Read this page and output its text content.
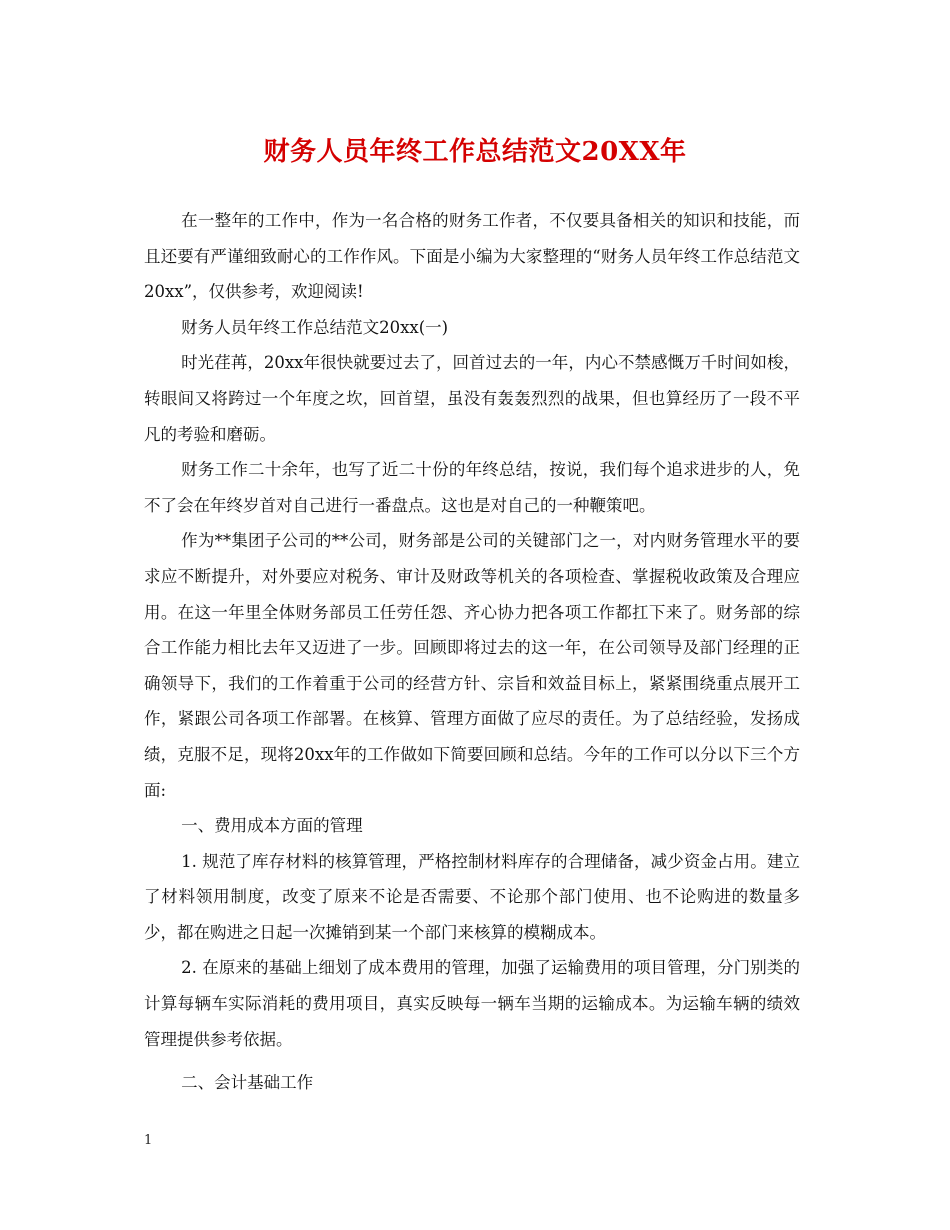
财务人员年终工作总结范文20XX年

在一整年的工作中，作为一名合格的财务工作者，不仅要具备相关的知识和技能，而且还要有严谨细致耐心的工作作风。下面是小编为大家整理的“财务人员年终工作总结范文20xx”，仅供参考，欢迎阅读!

财务人员年终工作总结范文20xx(一)

时光荏苒，20xx年很快就要过去了，回首过去的一年，内心不禁感慨万千时间如梭，转眼间又将跨过一个年度之坎，回首望，虽没有轰轰烈烈的战果，但也算经历了一段不平凡的考验和磨砺。

财务工作二十余年，也写了近二十份的年终总结，按说，我们每个追求进步的人，免不了会在年终岁首对自己进行一番盘点。这也是对自己的一种鞭策吧。

作为**集团子公司的**公司，财务部是公司的关键部门之一，对内财务管理水平的要求应不断提升，对外要应对税务、审计及财政等机关的各项检查、掌握税收政策及合理应用。在这一年里全体财务部员工任劳任怨、齐心协力把各项工作都扛下来了。财务部的综合工作能力相比去年又迈进了一步。回顾即将过去的这一年，在公司领导及部门经理的正确领导下，我们的工作着重于公司的经营方针、宗旨和效益目标上，紧紧围绕重点展开工作，紧跟公司各项工作部署。在核算、管理方面做了应尽的责任。为了总结经验，发扬成绩，克服不足，现将20xx年的工作做如下简要回顾和总结。今年的工作可以分以下三个方面:

一、费用成本方面的管理

1. 规范了库存材料的核算管理，严格控制材料库存的合理储备，减少资金占用。建立了材料领用制度，改变了原来不论是否需要、不论那个部门使用、也不论购进的数量多少，都在购进之日起一次摊销到某一个部门来核算的模糊成本。

2. 在原来的基础上细划了成本费用的管理，加强了运输费用的项目管理，分门别类的计算每辆车实际消耗的费用项目，真实反映每一辆车当期的运输成本。为运输车辆的绩效管理提供参考依据。

二、会计基础工作

1
